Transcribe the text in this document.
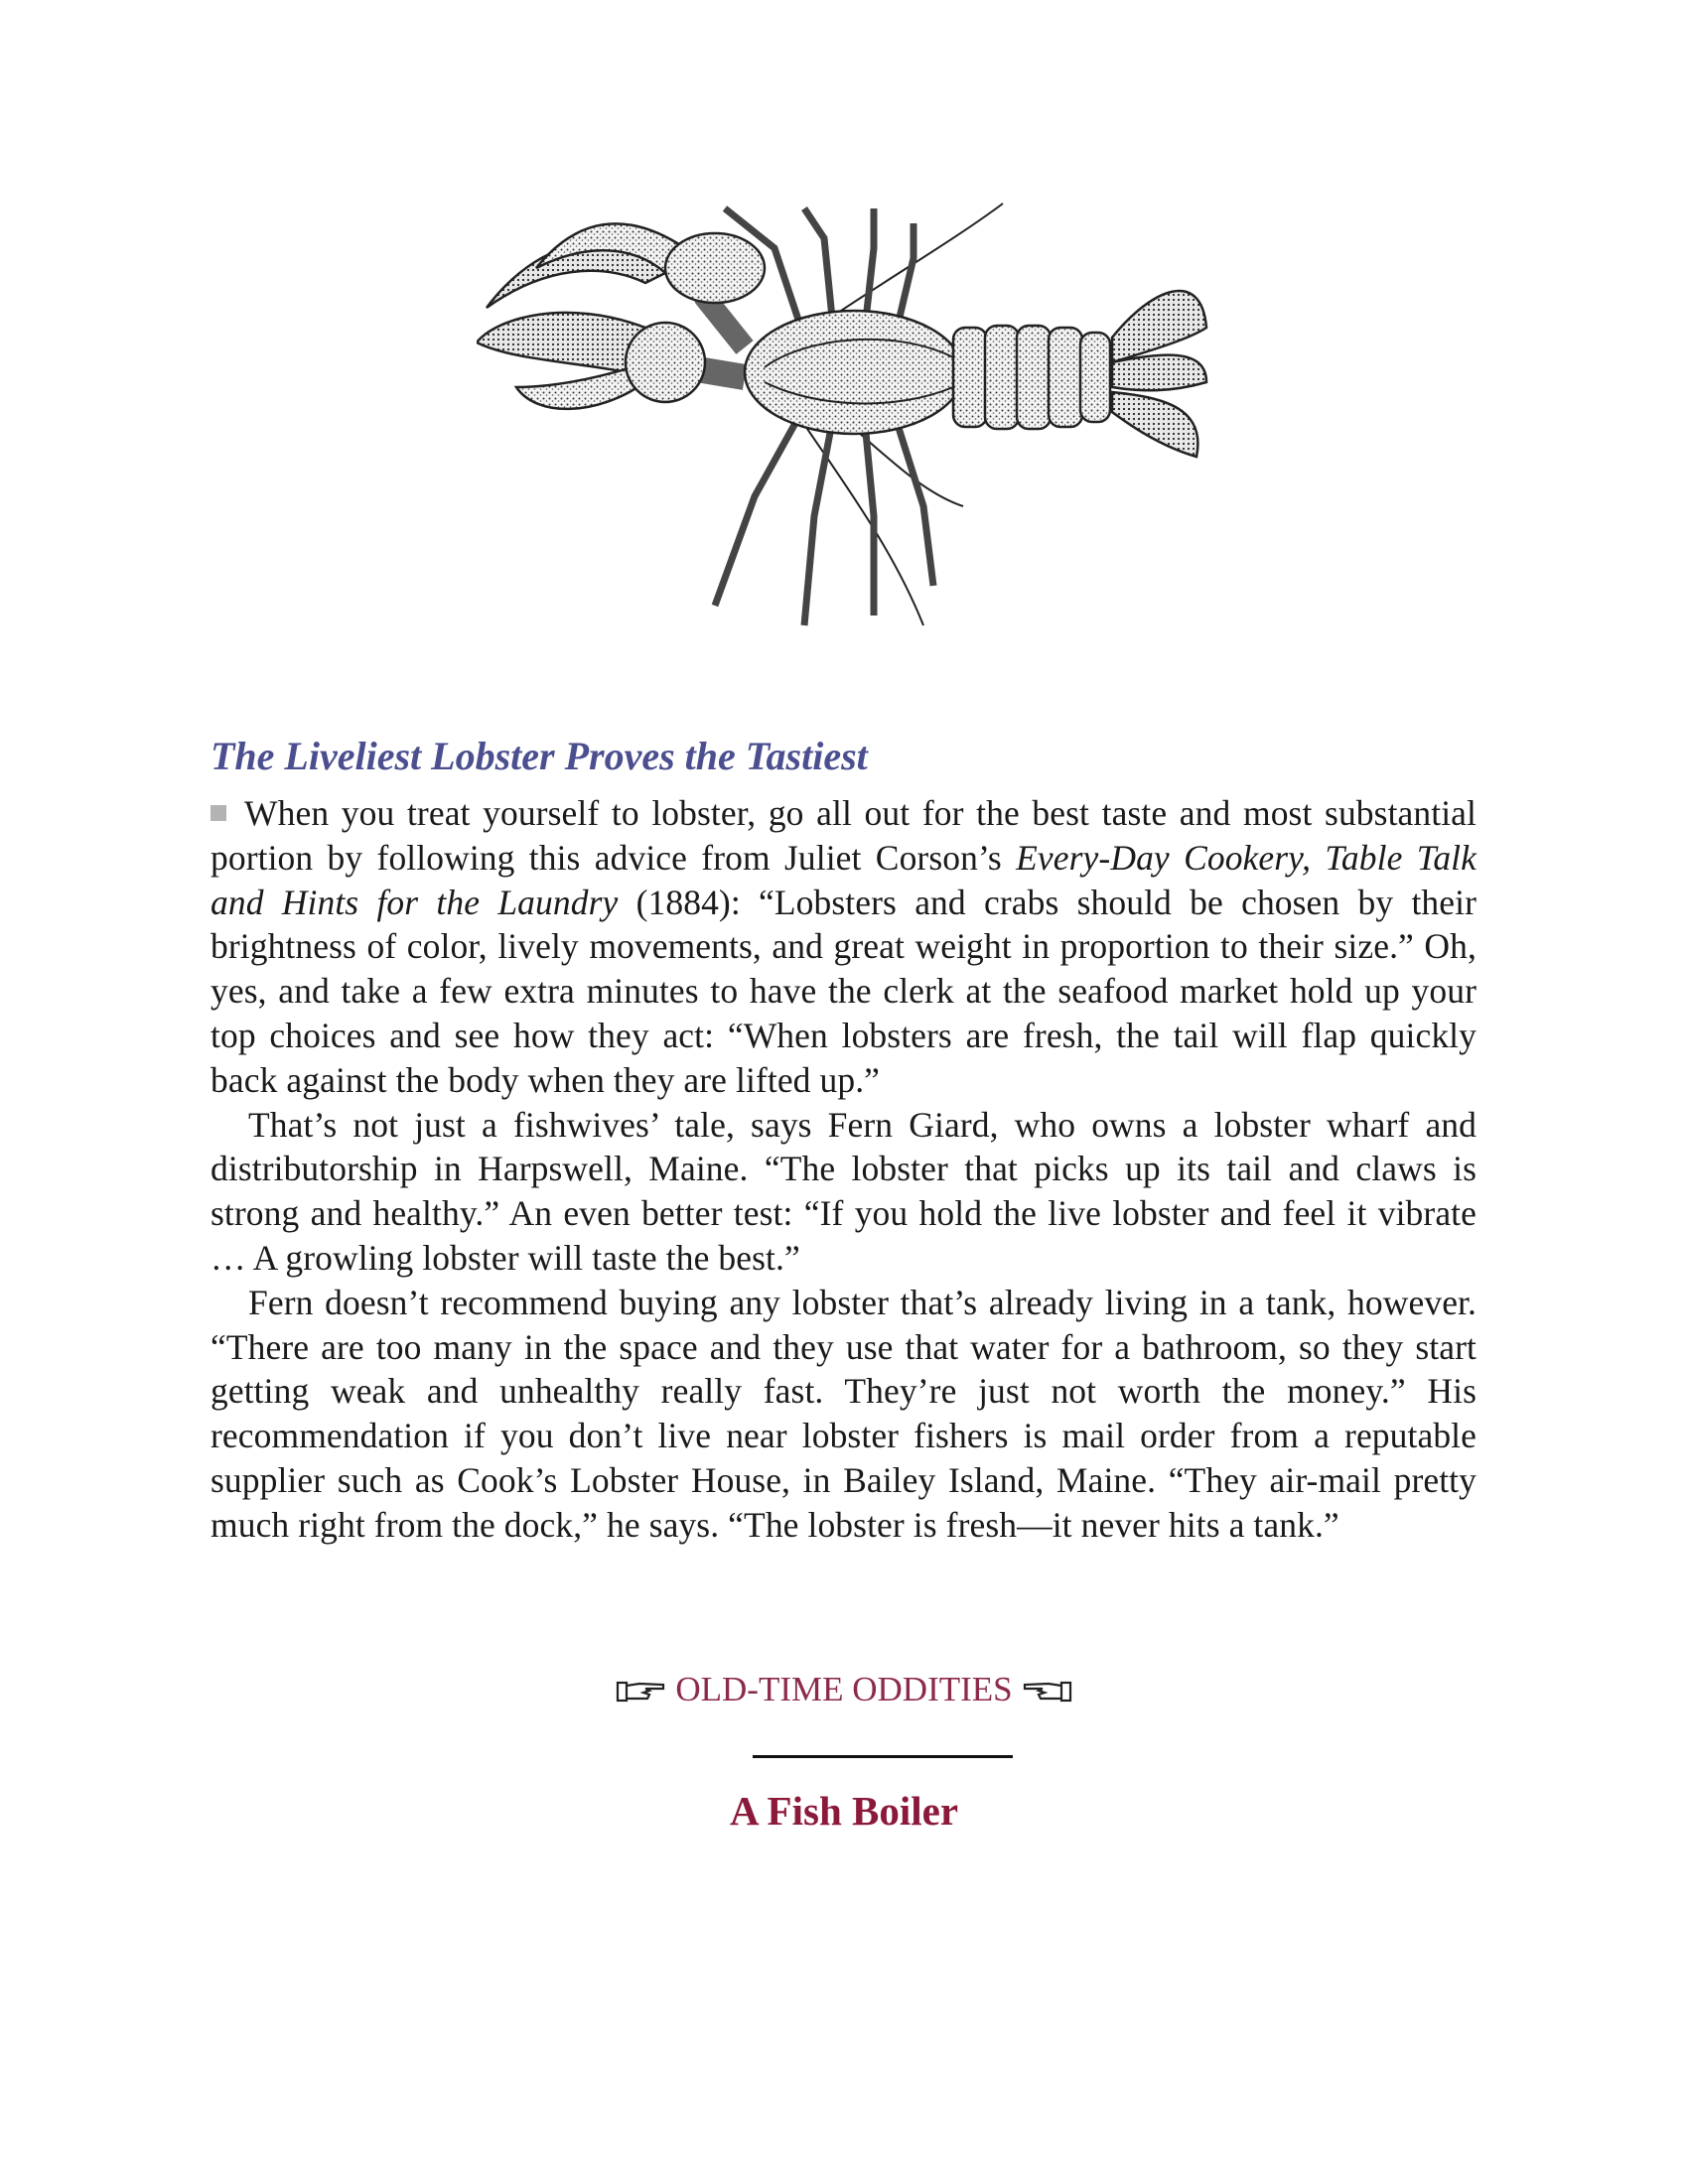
The Liveliest Lobster Proves the Tastiest

When you treat yourself to lobster, go all out for the best taste and most substantial portion by following this advice from Juliet Corson’s Every-Day Cookery, Table Talk and Hints for the Laundry (1884): “Lobsters and crabs should be chosen by their brightness of color, lively movements, and great weight in proportion to their size.” Oh, yes, and take a few extra minutes to have the clerk at the seafood market hold up your top choices and see how they act: “When lobsters are fresh, the tail will flap quickly back against the body when they are lifted up.”

That’s not just a fishwives’ tale, says Fern Giard, who owns a lobster wharf and distributorship in Harpswell, Maine. “The lobster that picks up its tail and claws is strong and healthy.” An even better test: “If you hold the live lobster and feel it vibrate … A growling lobster will taste the best.”

Fern doesn’t recommend buying any lobster that’s already living in a tank, however. “There are too many in the space and they use that water for a bathroom, so they start getting weak and unhealthy really fast. They’re just not worth the money.” His recommendation if you don’t live near lobster fishers is mail order from a reputable supplier such as Cook’s Lobster House, in Bailey Island, Maine. “They air-mail pretty much right from the dock,” he says. “The lobster is fresh—it never hits a tank.”

OLD-TIME ODDITIES
A Fish Boiler
